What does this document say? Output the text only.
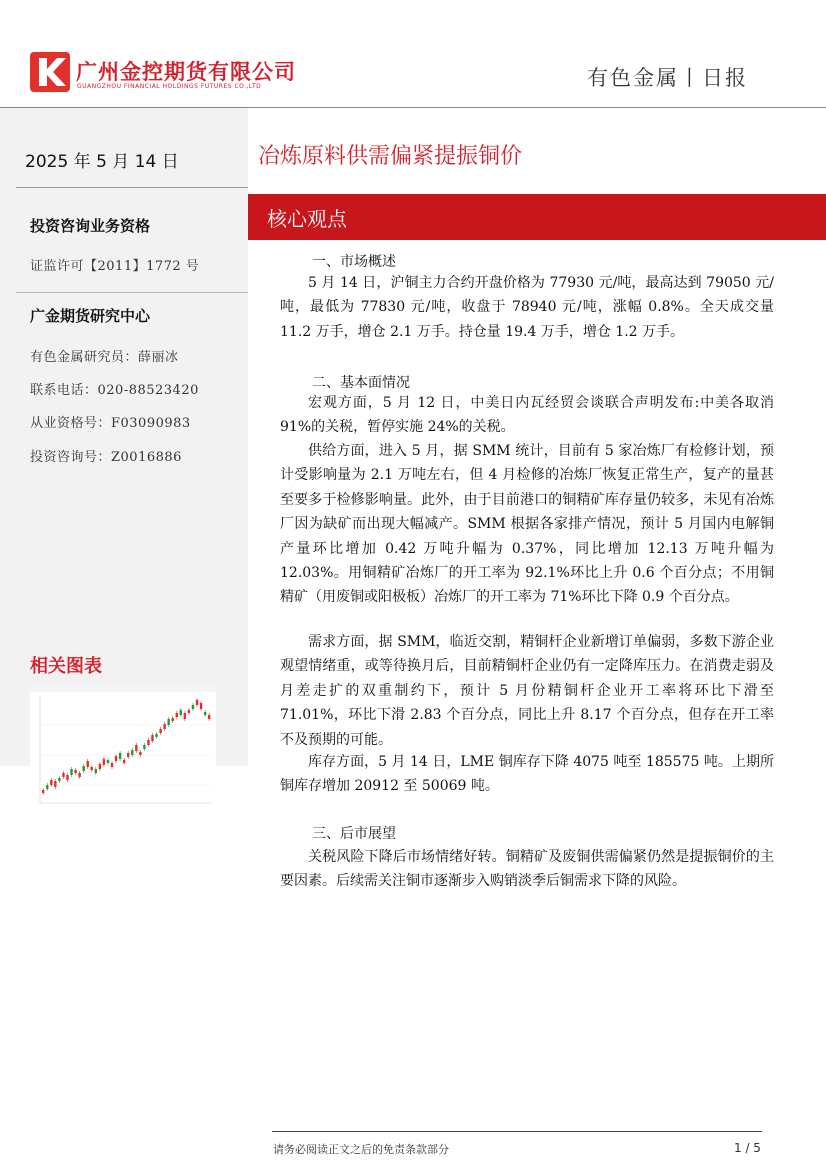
广州金控期货有限公司
GUANGZHOU FINANCIAL HOLDINGS FUTURES CO.,LTD	有色金属丨日报
2025 年 5 月 14 日
投资咨询业务资格
证监许可【2011】1772 号
广金期货研究中心
有色金属研究员：薛丽冰
联系电话：020-88523420
从业资格号：F03090983
投资咨询号：Z0016886
相关图表
冶炼原料供需偏紧提振铜价
核心观点
一、市场概述
5 月 14 日，沪铜主力合约开盘价格为 77930 元/吨，最高达到 79050 元/吨，最低为 77830 元/吨，收盘于 78940 元/吨，涨幅 0.8%。全天成交量 11.2 万手，增仓 2.1 万手。持仓量 19.4 万手，增仓 1.2 万手。
二、基本面情况
宏观方面，5 月 12 日，中美日内瓦经贸会谈联合声明发布:中美各取消 91%的关税，暂停实施 24%的关税。
供给方面，进入 5 月，据 SMM 统计，目前有 5 家冶炼厂有检修计划，预计受影响量为 2.1 万吨左右，但 4 月检修的冶炼厂恢复正常生产，复产的量甚至要多于检修影响量。此外，由于目前港口的铜精矿库存量仍较多，未见有冶炼厂因为缺矿而出现大幅减产。SMM 根据各家排产情况，预计 5 月国内电解铜产量环比增加 0.42 万吨升幅为 0.37%，同比增加 12.13 万吨升幅为 12.03%。用铜精矿冶炼厂的开工率为 92.1%环比上升 0.6 个百分点；不用铜精矿（用废铜或阳极板）冶炼厂的开工率为 71%环比下降 0.9 个百分点。
需求方面，据 SMM，临近交割，精铜杆企业新增订单偏弱，多数下游企业观望情绪重，或等待换月后，目前精铜杆企业仍有一定降库压力。在消费走弱及月差走扩的双重制约下，预计 5 月份精铜杆企业开工率将环比下滑至 71.01%，环比下滑 2.83 个百分点，同比上升 8.17 个百分点，但存在开工率不及预期的可能。
库存方面，5 月 14 日，LME 铜库存下降 4075 吨至 185575 吨。上期所铜库存增加 20912 至 50069 吨。
三、后市展望
关税风险下降后市场情绪好转。铜精矿及废铜供需偏紧仍然是提振铜价的主要因素。后续需关注铜市逐渐步入购销淡季后铜需求下降的风险。
请务必阅读正文之后的免责条款部分	1 / 5
